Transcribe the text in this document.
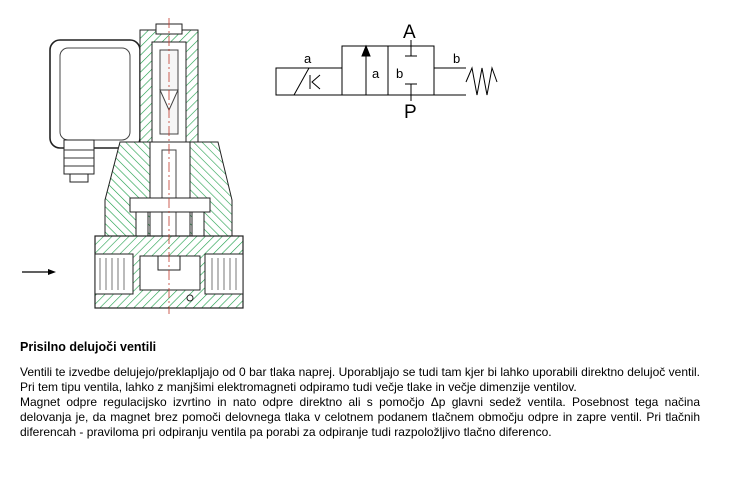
A
P
a
a b
b

Prisilno delujoči ventili

Ventili te izvedbe delujejo/preklapljajo od 0 bar tlaka naprej. Uporabljajo se tudi tam kjer bi lahko uporabili direktno delujoč ventil. Pri tem tipu ventila, lahko z manjšimi elektromagneti odpiramo tudi večje tlake in večje dimenzije ventilov.

Magnet odpre regulacijsko izvrtino in nato odpre direktno ali s pomočjo Δp glavni sedež ventila. Posebnost tega načina delovanja je, da magnet brez pomoči delovnega tlaka v celotnem podanem tlačnem območju odpre in zapre ventil. Pri tlačnih diferencah - praviloma pri odpiranju ventila pa porabi za odpiranje tudi razpoložljivo tlačno diferenco.
